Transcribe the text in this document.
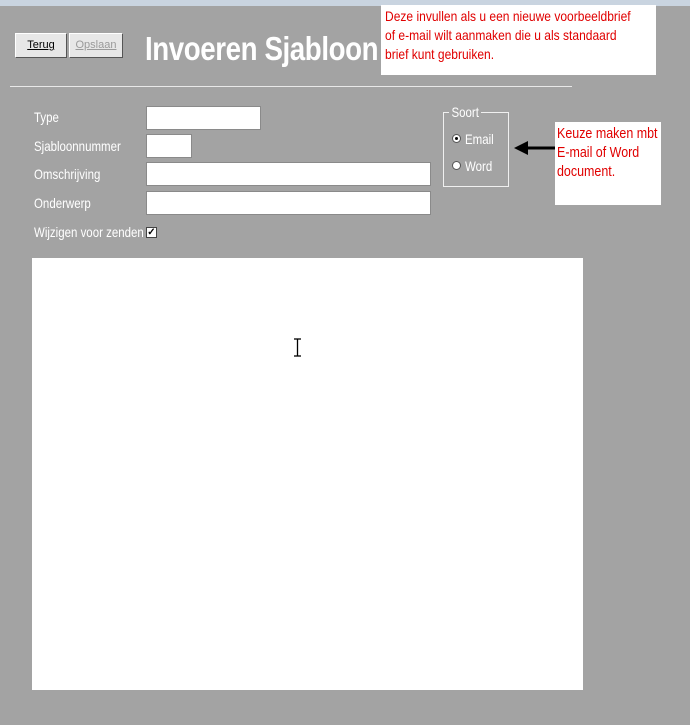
Terug	Opslaan Invoeren Sjabloon
Deze invullen als u een nieuwe voorbeeldbrief
of e-mail wilt aanmaken die u als standaard
brief kunt gebruiken.
Type
Sjabloonnummer
Omschrijving
Onderwerp
Wijzigen voor zenden ✓
Soort
Email
Word
Keuze maken mbt
E-mail of Word
document.
